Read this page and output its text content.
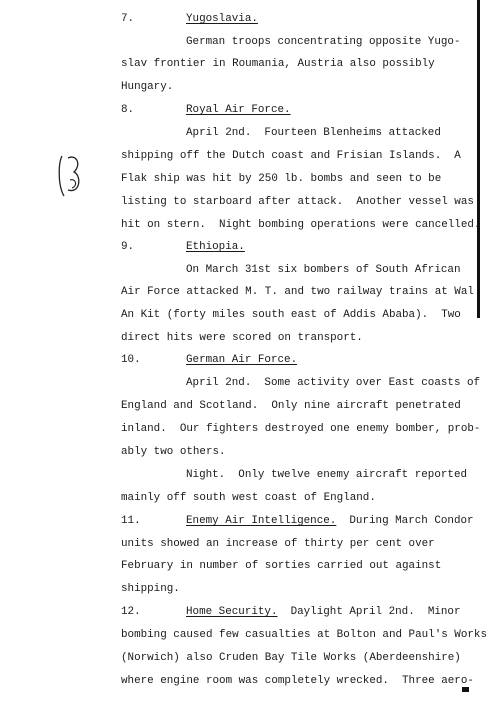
7.	Yugoslavia.
German troops concentrating opposite Yugo-
slav frontier in Roumania, Austria also possibly
Hungary.
8.	Royal Air Force.
April 2nd.  Fourteen Blenheims attacked
shipping off the Dutch coast and Frisian Islands.  A
Flak ship was hit by 250 lb. bombs and seen to be
listing to starboard after attack.  Another vessel was
hit on stern.  Night bombing operations were cancelled.
9.	Ethiopia.
On March 31st six bombers of South African
Air Force attacked M. T. and two railway trains at Wal
An Kit (forty miles south east of Addis Ababa).  Two
direct hits were scored on transport.
10.	German Air Force.
April 2nd.  Some activity over East coasts of
England and Scotland.  Only nine aircraft penetrated
inland.  Our fighters destroyed one enemy bomber, prob-
ably two others.
Night.  Only twelve enemy aircraft reported
mainly off south west coast of England.
11.	Enemy Air Intelligence.  During March Condor
units showed an increase of thirty per cent over
February in number of sorties carried out against
shipping.
12.	Home Security.  Daylight April 2nd.  Minor
bombing caused few casualties at Bolton and Paul's Works
(Norwich) also Cruden Bay Tile Works (Aberdeenshire)
where engine room was completely wrecked.  Three aero-
